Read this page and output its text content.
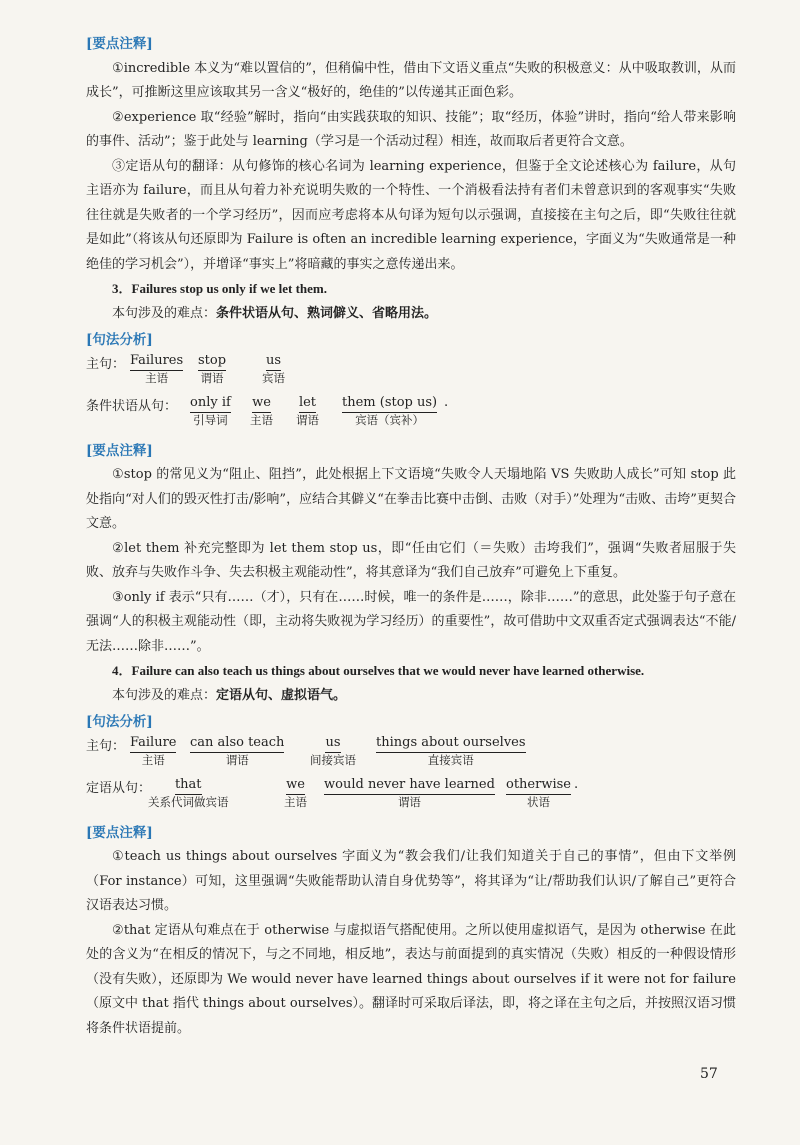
[要点注释]

①incredible 本义为“难以置信的”，但稍偏中性，借由下文语义重点“失败的积极意义：从中吸取教训，从而成长”，可推断这里应该取其另一含义“极好的，绝佳的”以传递其正面色彩。

②experience 取“经验”解时，指向“由实践获取的知识、技能”；取“经历，体验”讲时，指向“给人带来影响的事件、活动”；鉴于此处与 learning（学习是一个活动过程）相连，故而取后者更符合文意。

③定语从句的翻译：从句修饰的核心名词为 learning experience，但鉴于全文论述核心为 failure，从句主语亦为 failure，而且从句着力补充说明失败的一个特性、一个消极看法持有者们未曾意识到的客观事实“失败往往就是失败者的一个学习经历”，因而应考虑将本从句译为短句以示强调，直接接在主句之后，即“失败往往就是如此”（将该从句还原即为 Failure is often an incredible learning experience，字面义为“失败通常是一种绝佳的学习机会”），并增译“事实上”将暗藏的事实之意传递出来。

3．Failures stop us only if we let them.

本句涉及的难点：条件状语从句、熟词僻义、省略用法。

[句法分析]
主句： Failures
主语
stop
谓语
us
宾语
条件状语从句： only if
引导词
we
主语
let
谓语
them (stop us)
宾语（宾补）
.
[要点注释]

①stop 的常见义为“阻止、阻挡”，此处根据上下文语境“失败令人天塌地陷 VS 失败助人成长”可知 stop 此处指向“对人们的毁灭性打击/影响”，应结合其僻义“在拳击比赛中击倒、击败（对手）”处理为“击败、击垮”更契合文意。

②let them 补充完整即为 let them stop us，即“任由它们（＝失败）击垮我们”，强调“失败者屈服于失败、放弃与失败作斗争、失去积极主观能动性”，将其意译为“我们自己放弃”可避免上下重复。

③only if 表示“只有……（才），只有在……时候，唯一的条件是……，除非……”的意思，此处鉴于句子意在强调“人的积极主观能动性（即，主动将失败视为学习经历）的重要性”，故可借助中文双重否定式强调表达“不能/无法……除非……”。

4．Failure can also teach us things about ourselves that we would never have learned otherwise.

本句涉及的难点：定语从句、虚拟语气。

[句法分析]
主句： Failure
主语
can also teach
谓语
us
间接宾语
things about ourselves
直接宾语
定语从句：	that
关系代词做宾语
we
主语
would never have learned
谓语
otherwise
状语
.
[要点注释]

①teach us things about ourselves 字面义为“教会我们/让我们知道关于自己的事情”，但由下文举例（For instance）可知，这里强调“失败能帮助认清自身优势等”，将其译为“让/帮助我们认识/了解自己”更符合汉语表达习惯。

②that 定语从句难点在于 otherwise 与虚拟语气搭配使用。之所以使用虚拟语气，是因为 otherwise 在此处的含义为“在相反的情况下，与之不同地，相反地”，表达与前面提到的真实情况（失败）相反的一种假设情形（没有失败），还原即为 We would never have learned things about ourselves if it were not for failure（原文中 that 指代 things about ourselves）。翻译时可采取后译法，即，将之译在主句之后，并按照汉语习惯将条件状语提前。

57
